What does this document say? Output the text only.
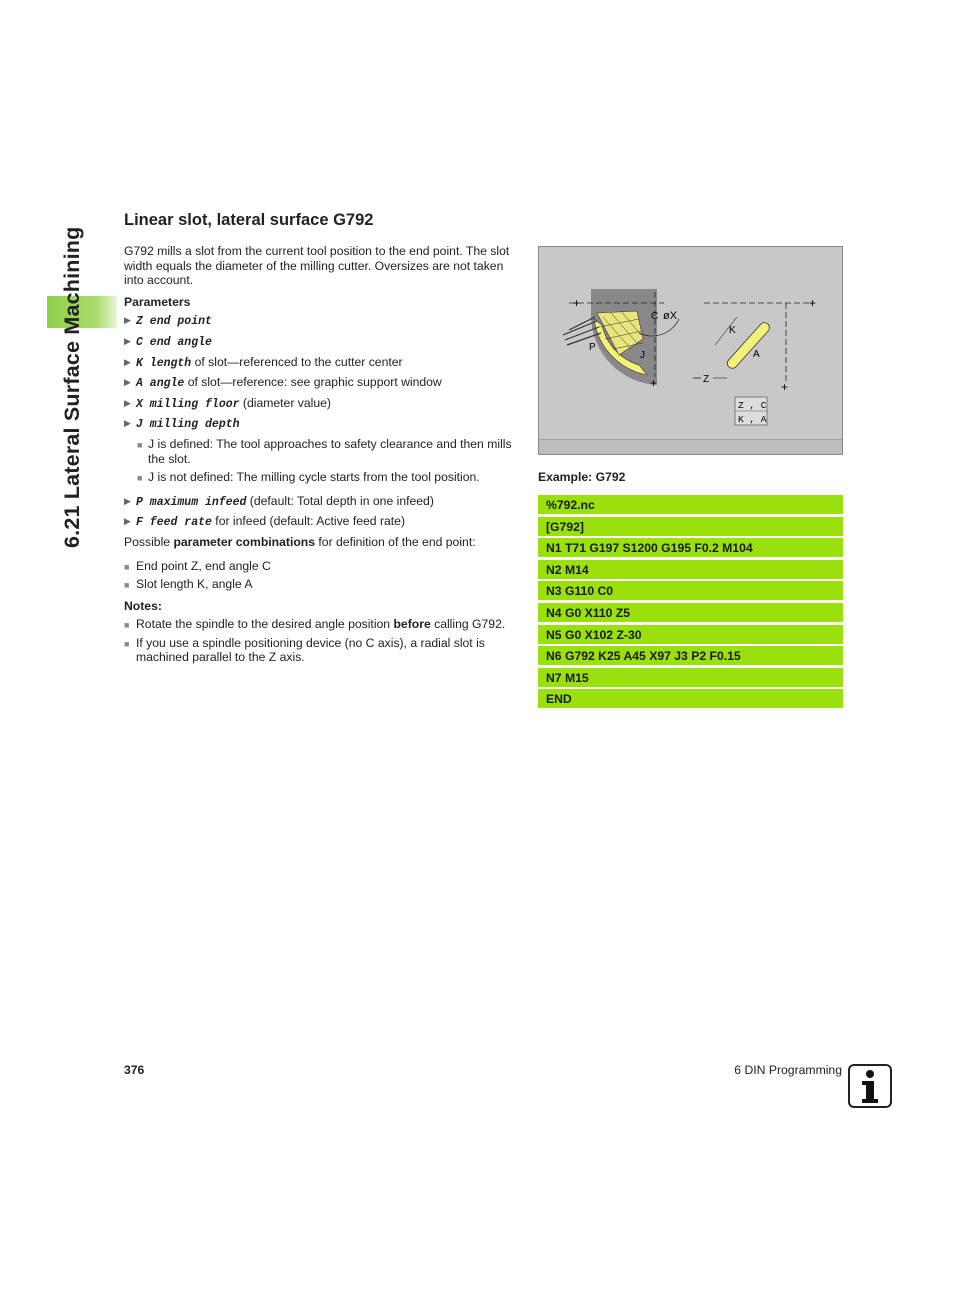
6.21 Lateral Surface Machining
Linear slot, lateral surface G792

G792 mills a slot from the current tool position to the end point. The slot width equals the diameter of the milling cutter. Oversizes are not taken into account.

Parameters

▶ Z end point
▶ C end angle
▶ K length of slot—referenced to the cutter center
▶ A angle of slot—reference: see graphic support window
▶ X milling floor (diameter value)
▶ J milling depth
■ J is defined: The tool approaches to safety clearance and then mills the slot.
■ J is not defined: The milling cycle starts from the tool position.
▶ P maximum infeed (default: Total depth in one infeed)
▶ F feed rate for infeed (default: Active feed rate)

Possible parameter combinations for definition of the end point:

■ End point Z, end angle C
■ Slot length K, angle A

Notes:

■ Rotate the spindle to the desired angle position before calling G792.
■ If you use a spindle positioning device (no C axis), a radial slot is machined parallel to the Z axis.
+
+
C øX
P
J
+
+
K
A
Z
Z , C
K , A
Example: G792
%792.nc
[G792]
N1 T71 G197 S1200 G195 F0.2 M104
N2 M14
N3 G110 C0
N4 G0 X110 Z5
N5 G0 X102 Z-30
N6 G792 K25 A45 X97 J3 P2 F0.15
N7 M15
END
376	6 DIN Programming
